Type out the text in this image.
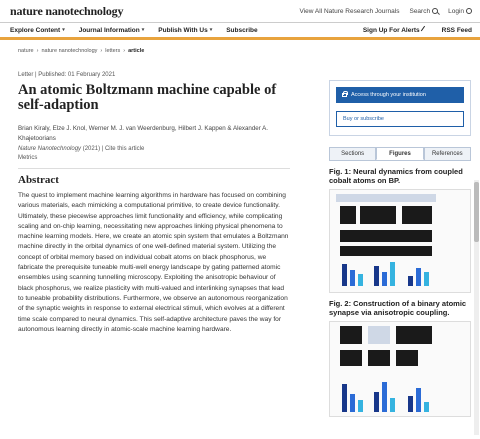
nature nanotechnology	View All Nature Research Journals Search	Login
Explore Content ▾ Journal Information ▾ Publish With Us ▾ Subscribe	Sign Up For Alerts	RSS Feed
nature › nature nanotechnology › letters › article
Letter | Published: 01 February 2021
An atomic Boltzmann machine capable of self-adaption
Brian Kiraly, Elze J. Knol, Werner M. J. van Weerdenburg, Hilbert J. Kappen & Alexander A. Khajetoorians
Nature Nanotechnology (2021) | Cite this article
Metrics
Abstract

The quest to implement machine learning algorithms in hardware has focused on combining various materials, each mimicking a computational primitive, to create device functionality. Ultimately, these piecewise approaches limit functionality and efficiency, while complicating scaling and on-chip learning, necessitating new approaches linking physical phenomena to machine learning models. Here, we create an atomic spin system that emulates a Boltzmann machine directly in the orbital dynamics of one well-defined material system. Utilizing the concept of orbital memory based on individual cobalt atoms on black phosphorus, we fabricate the prerequisite tuneable multi-well energy landscape by gating patterned atomic ensembles using scanning tunnelling microscopy. Exploiting the anisotropic behaviour of black phosphorus, we realize plasticity with multi-valued and interlinking synapses that lead to tuneable probability distributions. Furthermore, we observe an autonomous reorganization of the synaptic weights in response to external electrical stimuli, which evolves at a different time scale compared to neural dynamics. This self-adaptive architecture paves the way for autonomous learning directly in atomic-scale machine learning hardware.

Access through your institution
Buy or subscribe
Sections	Figures	References
Fig. 1: Neural dynamics from coupled cobalt atoms on BP.
Fig. 2: Construction of a binary atomic synapse via anisotropic coupling.
